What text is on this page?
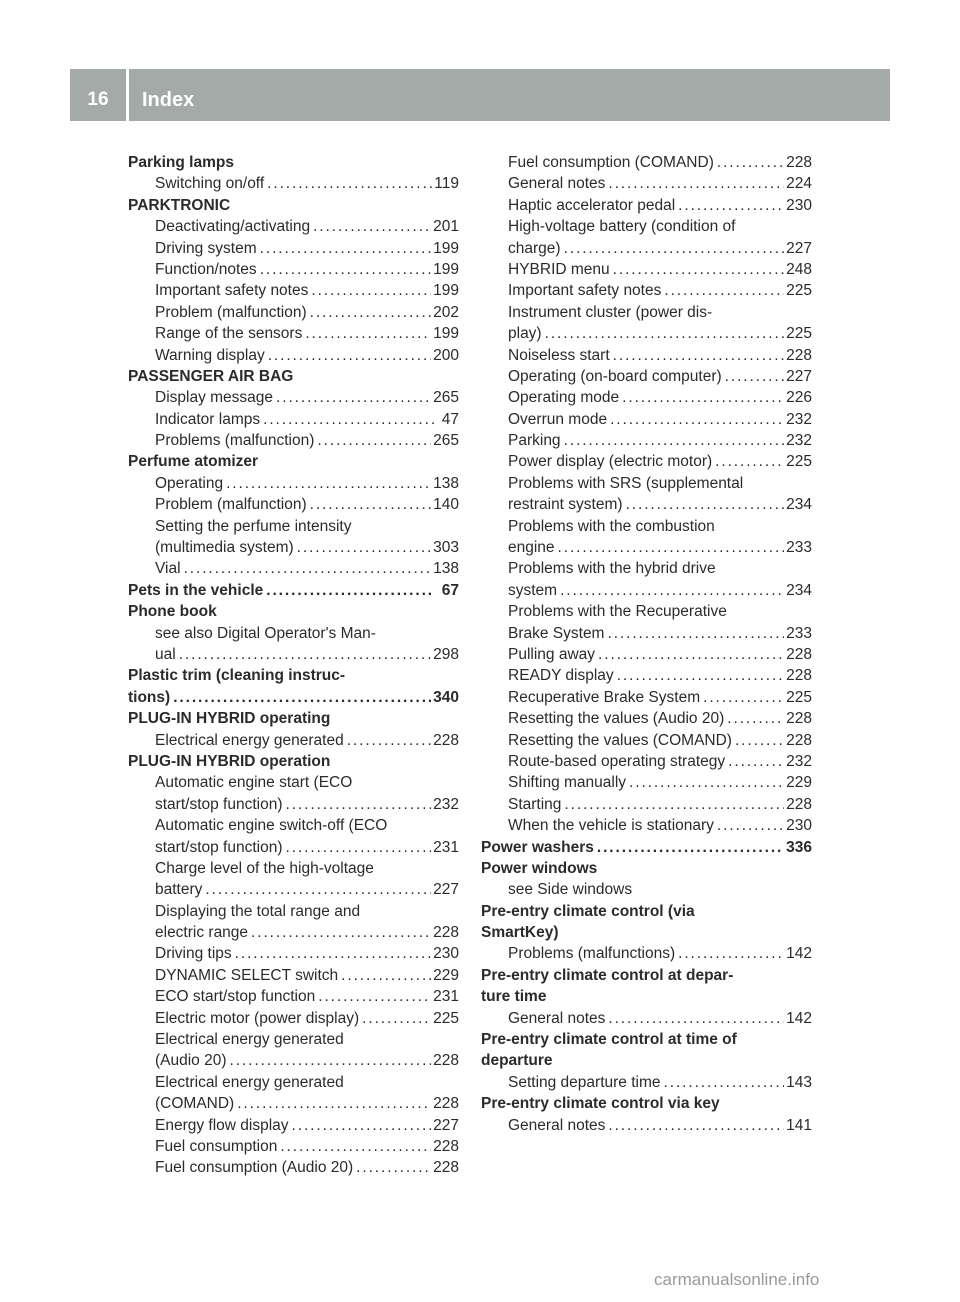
16	Index
Parking lamps
Switching on/off . . .	119
PARKTRONIC
Deactivating/activating . . .	201
Driving system . . .	199
Function/notes . . .	199
Important safety notes . . .	199
Problem (malfunction) . . .	202
Range of the sensors . . .	199
Warning display . . .	200
PASSENGER AIR BAG
Display message . . .	265
Indicator lamps . . .	47
Problems (malfunction) . . .	265
Perfume atomizer
Operating . . .	138
Problem (malfunction) . . .	140
Setting the perfume intensity
(multimedia system) . . .	303
Vial . . .	138
Pets in the vehicle . . .	67
Phone book
see also Digital Operator's Man-
ual . . .	298
Plastic trim (cleaning instruc-
tions) . . .	340
PLUG-IN HYBRID operating
Electrical energy generated . . .	228
PLUG-IN HYBRID operation
Automatic engine start (ECO
start/stop function) . . .	232
Automatic engine switch-off (ECO
start/stop function) . . .	231
Charge level of the high-voltage
battery . . .	227
Displaying the total range and
electric range . . .	228
Driving tips . . .	230
DYNAMIC SELECT switch . . .	229
ECO start/stop function . . .	231
Electric motor (power display) . . .	225
Electrical energy generated
(Audio 20) . . .	228
Electrical energy generated
(COMAND) . . .	228
Energy flow display . . .	227
Fuel consumption . . .	228
Fuel consumption (Audio 20) . . .	228
Fuel consumption (COMAND) . . .	228
General notes . . .	224
Haptic accelerator pedal . . .	230
High-voltage battery (condition of
charge) . . .	227
HYBRID menu . . .	248
Important safety notes . . .	225
Instrument cluster (power dis-
play) . . .	225
Noiseless start . . .	228
Operating (on-board computer) . . .	227
Operating mode . . .	226
Overrun mode . . .	232
Parking . . .	232
Power display (electric motor) . . .	225
Problems with SRS (supplemental
restraint system) . . .	234
Problems with the combustion
engine . . .	233
Problems with the hybrid drive
system . . .	234
Problems with the Recuperative
Brake System . . .	233
Pulling away . . .	228
READY display . . .	228
Recuperative Brake System . . .	225
Resetting the values (Audio 20) . . .	228
Resetting the values (COMAND) . . .	228
Route-based operating strategy . . .	232
Shifting manually . . .	229
Starting . . .	228
When the vehicle is stationary . . .	230
Power washers . . .	336
Power windows
see Side windows
Pre-entry climate control (via
SmartKey)
Problems (malfunctions) . . .	142
Pre-entry climate control at depar-
ture time
General notes . . .	142
Pre-entry climate control at time of
departure
Setting departure time . . .	143
Pre-entry climate control via key
General notes . . .	141
carmanualsonline.info
